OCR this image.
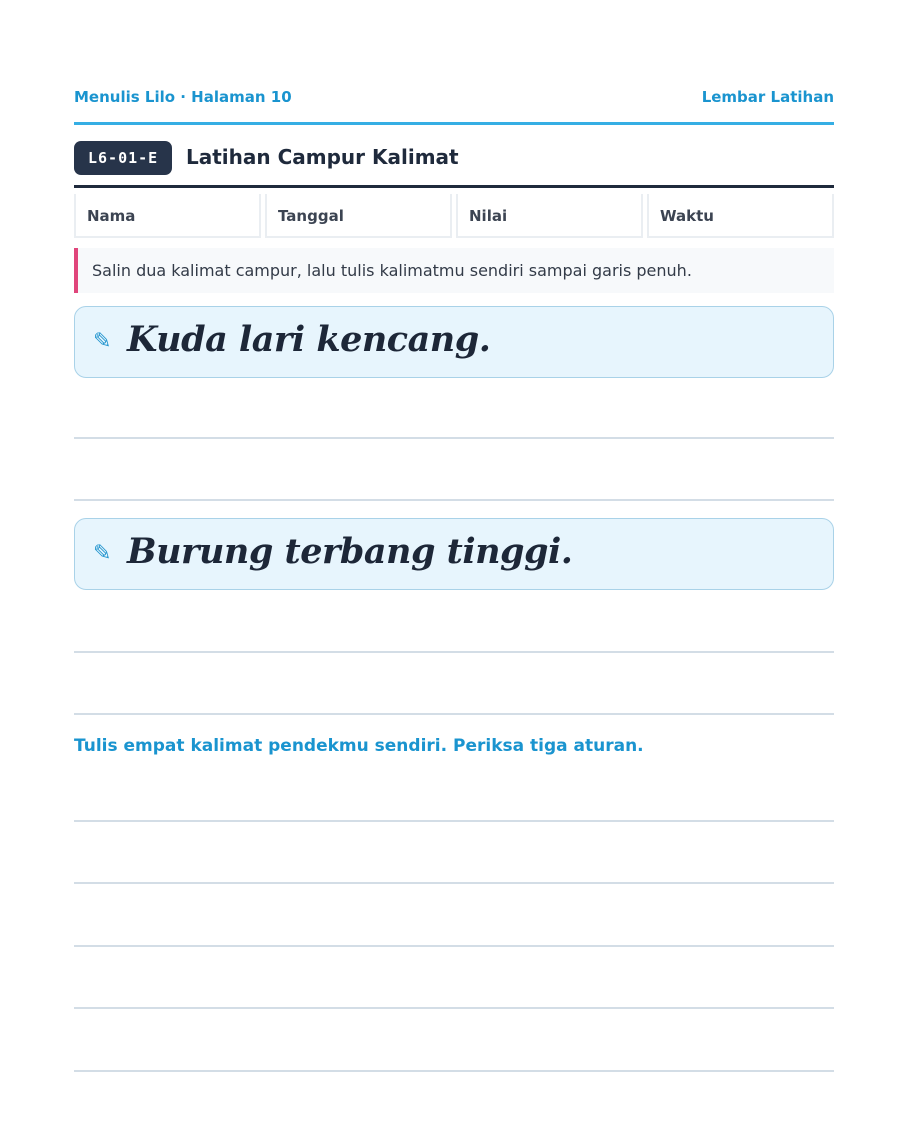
Menulis Lilo · Halaman 10	Lembar Latihan
L6-01-E	Latihan Campur Kalimat
Nama	Tanggal	Nilai	Waktu
Salin dua kalimat campur, lalu tulis kalimatmu sendiri sampai garis penuh.
✎ Kuda lari kencang.
✎ Burung terbang tinggi.
Tulis empat kalimat pendekmu sendiri. Periksa tiga aturan.
